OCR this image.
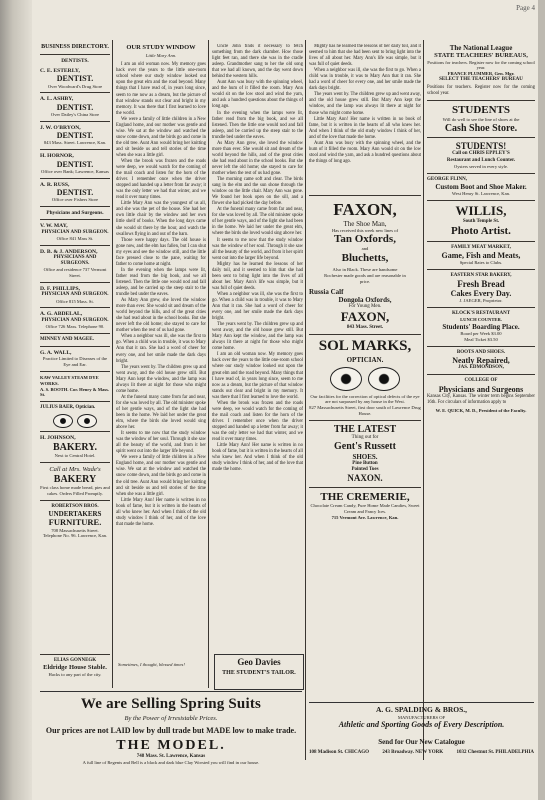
Page 4

BUSINESS DIRECTORY.

DENTISTS.

C. E. ESTERLY,

DENTIST.

Over Woodward's Drug Store

A. L. ASHBY,

DENTIST.

Over Dailey's China Store

J. W. O'BRYON,

DENTIST.

843 Mass. Street. Lawrence, Kan.

H. HORNOR,

DENTIST.

Office over Bank; Lawrence, Kansas

A. R. RUSS,

DENTIST.

Office over Fishers Store

Physicians and Surgeons.

V. W. MAY,

PHYSICIAN AND SURGEON.

Office 841 Mass St.

D. B. & J. ANDERSON,

PHYSICIANS AND SURGEONS.

Office and residence 737 Vermont Street.

D. F. PHILLIPS,

PHYSICIAN AND SURGEON.

Office 815 Mass. St.

A. G. ABDELAL,

PHYSICIAN AND SURGEON.

Office 726 Mass. Telephone 90.

MINNEY AND MAGEE.

G. A. WALL,

Practice Limited to Diseases of the Eye and Ear.

KAW VALLEY STEAM DYE WORKS.

A. S. BOOTH. Cor. Henry & Mass. St.

JULIUS BAER, Optician.

H. JOHNSON,

BAKERY.

Next to Central Hotel.

Call at Mrs. Wade's

BAKERY

First class home made bread, pies and cakes. Orders Filled Promptly.

ROBERTSON BROS.

UNDERTAKERS

FURNITURE.

708 Massachusetts Street.

Telephone No. 96. Lawrence, Kan.

ELIAS GONNEGK

Eldridge House Stable.

Hacks to any part of the city.

Geo Davies

THE STUDENT'S TAILOR.

Sometimes, I thought, blessed times!

We are Selling Spring Suits

By the Power of Irresistable Prices.

Our prices are not LAID low by dull trade but MADE low to make trade.

THE MODEL.

748 Mass. St. Lawrence, Kansas

A full line of Regents and Bell is a black and dark blue Clay Worsted you will find in our house.

OUR STUDY WINDOW

Little Mary Ann.

I am an old woman now. My memory goes back over the years to the little one-room school where our study window looked out upon the great elm and the road beyond. Many things that I have read of, in years long since, seem to me now as a dream, but the picture of that window stands out clear and bright in my memory. It was there that I first learned to love the world.

We were a family of little children in a New England home, and our mother was gentle and wise. We sat at the window and watched the snow come down, and the birds go and come in the old tree. Aunt Ann would bring her knitting and sit beside us and tell stories of the time when she was a little girl.

When the brook was frozen and the roads were deep, we would watch for the coming of the mail coach and listen for the horn of the driver. I remember once when the driver stopped and handed up a letter from far away; it was the only letter we had that winter, and we read it over many times.

Little Mary Ann was the youngest of us all, and she was the pet of the house. She had her own little chair by the window and her own little shelf of books. When the long days came she would sit there by the hour, and watch the swallows flying in and out of the barn.

Those were happy days. The old house is gone now, and the elm has fallen, but I can shut my eyes and see the window still, and the little face pressed close to the pane, waiting for father to come home at night.

In the evening when the lamps were lit, father read from the big book, and we all listened. Then the little one would nod and fall asleep, and be carried up the steep stair to the trundle bed under the eaves.

As Mary Ann grew, she loved the window more than ever. She would sit and dream of the world beyond the hills, and of the great cities she had read about in the school books. But she never left the old home; she stayed to care for mother when the rest of us had gone.

When a neighbor was ill, she was the first to go. When a child was in trouble, it was to Mary Ann that it ran. She had a word of cheer for every one, and her smile made the dark days bright.

The years went by. The children grew up and went away, and the old house grew still. But Mary Ann kept the window, and the lamp was always lit there at night for those who might come home.

At the funeral many came from far and near, for she was loved by all. The old minister spoke of her gentle ways, and of the light she had been in the home. We laid her under the great elm, where the birds she loved would sing above her.

It seems to me now that the study window was the window of her soul. Through it she saw all the beauty of the world, and from it her spirit went out into the larger life beyond.

We were a family of little children in a New England home, and our mother was gentle and wise. We sat at the window and watched the snow come down, and the birds go and come in the old tree. Aunt Ann would bring her knitting and sit beside us and tell stories of the time when she was a little girl.

Little Mary Ann! Her name is written in no book of fame, but it is written in the hearts of all who knew her. And when I think of the old study window I think of her, and of the love that made the home.

Uncle John finds it necessary to fetch something from the dark chamber. How those light feet ran, and there she was in the cradle asleep. Grandmother sang to her the old song that we had all known, and the day went down behind the western hills.

Aunt Ann was busy with the spinning wheel, and the hum of it filled the room. Mary Ann would sit on the low stool and wind the yarn, and ask a hundred questions about the things of long ago.

In the evening when the lamps were lit, father read from the big book, and we all listened. Then the little one would nod and fall asleep, and be carried up the steep stair to the trundle bed under the eaves.

As Mary Ann grew, she loved the window more than ever. She would sit and dream of the world beyond the hills, and of the great cities she had read about in the school books. But she never left the old home; she stayed to care for mother when the rest of us had gone.

The morning came soft and clear. The birds sang in the elm and the sun shone through the window on the little chair. Mary Ann was gone. We found her book open on the sill, and a flower she had picked the day before.

At the funeral many came from far and near, for she was loved by all. The old minister spoke of her gentle ways, and of the light she had been in the home. We laid her under the great elm, where the birds she loved would sing above her.

It seems to me now that the study window was the window of her soul. Through it she saw all the beauty of the world, and from it her spirit went out into the larger life beyond.

Mighty has he learned the lessons of her daily toil, and it seemed to him that she had been sent to bring light into the lives of all about her. Mary Ann's life was simple, but it was full of quiet deeds.

When a neighbor was ill, she was the first to go. When a child was in trouble, it was to Mary Ann that it ran. She had a word of cheer for every one, and her smile made the dark days bright.

The years went by. The children grew up and went away, and the old house grew still. But Mary Ann kept the window, and the lamp was always lit there at night for those who might come home.

I am an old woman now. My memory goes back over the years to the little one-room school where our study window looked out upon the great elm and the road beyond. Many things that I have read of, in years long since, seem to me now as a dream, but the picture of that window stands out clear and bright in my memory. It was there that I first learned to love the world.

When the brook was frozen and the roads were deep, we would watch for the coming of the mail coach and listen for the horn of the driver. I remember once when the driver stopped and handed up a letter from far away; it was the only letter we had that winter, and we read it over many times.

Little Mary Ann! Her name is written in no book of fame, but it is written in the hearts of all who knew her. And when I think of the old study window I think of her, and of the love that made the home.

Mighty has he learned the lessons of her daily toil, and it seemed to him that she had been sent to bring light into the lives of all about her. Mary Ann's life was simple, but it was full of quiet deeds.

When a neighbor was ill, she was the first to go. When a child was in trouble, it was to Mary Ann that it ran. She had a word of cheer for every one, and her smile made the dark days bright.

The years went by. The children grew up and went away, and the old house grew still. But Mary Ann kept the window, and the lamp was always lit there at night for those who might come home.

Little Mary Ann! Her name is written in no book of fame, but it is written in the hearts of all who knew her. And when I think of the old study window I think of her, and of the love that made the home.

Aunt Ann was busy with the spinning wheel, and the hum of it filled the room. Mary Ann would sit on the low stool and wind the yarn, and ask a hundred questions about the things of long ago.

FAXON,

The Shoe Man,

Has received this week new lines of

Tan Oxfords,

and

Bluchetts,

Also in Black. These are handsome Rochester made goods and are reasonable in price.

Russia Calf

Dongola Oxfords,

For Young Men.

FAXON,

843 Mass. Street.

SOL MARKS,

OPTICIAN.

Our facilities for the correction of optical defects of the eye are not surpassed by any house in the West.

827 Massachusetts Street, first door south of Lawrence Drug House.

THE LATEST

Thing out for

Gent's Russett

SHOES.

Pine Button

Pointed Toes

NAXON.

THE CREMERIE,

Chocolate Cream Candy, Pure Home Made Candies, Sweet Cream and Fancy Ices.

715 Vermont Ave. Lawrence, Kan.

A. G. SPALDING & BROS.,

MANUFACTURERS OF

Athletic and Sporting Goods of Every Description.

Send for Our New Catalogue

108 Madison St. CHICAGO	243 Broadway. NEW YORK	1032 Chestnut St. PHILADELPHIA

The National League

STATE TEACHERS' BUREAUS,

Positions for teachers. Register now for the coming school year.

FRANCE PLUMMER, Gen. Mgr.

SELECT THE TEACHERS' BUREAU

Positions for teachers. Register now for the coming school year.

STUDENTS

Will do well to see the line of shoes at the

Cash Shoe Store.

STUDENTS!

Call on CHRIS EPPLEY'S

Restaurant and Lunch Counter.

Oysters served in every style.

GEORGE FLINN,

Custom Boot and Shoe Maker.

West Henry St. Lawrence, Kan.

WILLIS,

South Temple St.

Photo Artist.

FAMILY MEAT MARKET,

Game, Fish and Meats,

Special Rates to Clubs.

EASTERN STAR BAKERY,

Fresh Bread

Cakes Every Day.

J. JAEGER, Proprietor.

KLOCK'S RESTAURANT

LUNCH COUNTER.

Students' Boarding Place.

Board per Week $3.00

Meal Ticket $3.50

BOOTS AND SHOES.

Neatly Repaired,

JAS. EDMONDSON,

COLLEGE OF

Physicians and Surgeons

Kansas City, Kansas. The winter term begins September 16th. For circulars of information apply to

W. E. QUICK, M. D., President of the Faculty.
